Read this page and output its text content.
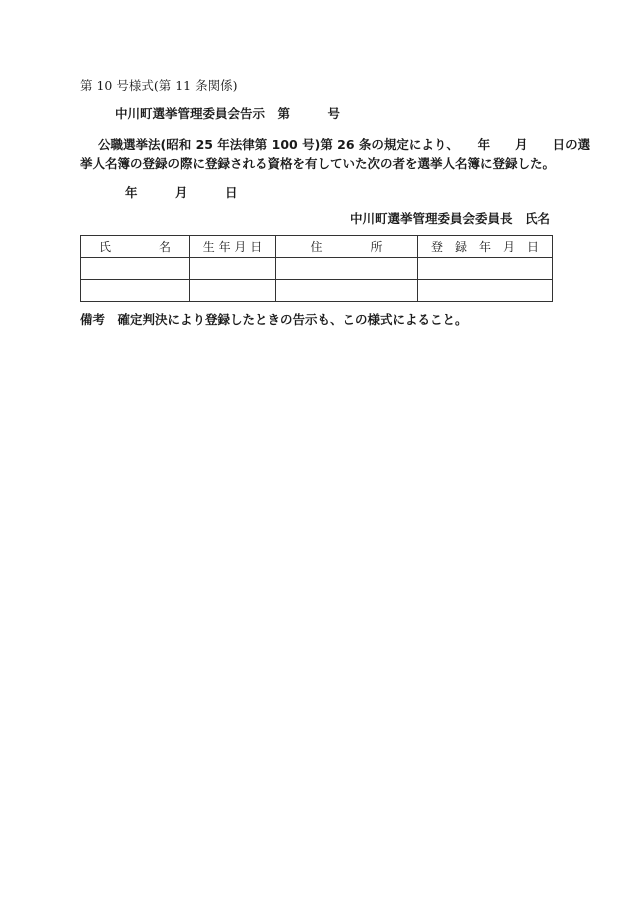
第 10 号様式(第 11 条関係)
中川町選挙管理委員会告示　第　　　号
公職選挙法(昭和 25 年法律第 100 号)第 26 条の規定により、　　年　　月　　日の選
挙人名簿の登録の際に登録される資格を有していた次の者を選挙人名簿に登録した。
年　　　月　　　日
中川町選挙管理委員会委員長　氏名
氏　　　　名	生 年 月 日	住　　　　所	登　録　年　月　日

備考　確定判決により登録したときの告示も、この様式によること。
